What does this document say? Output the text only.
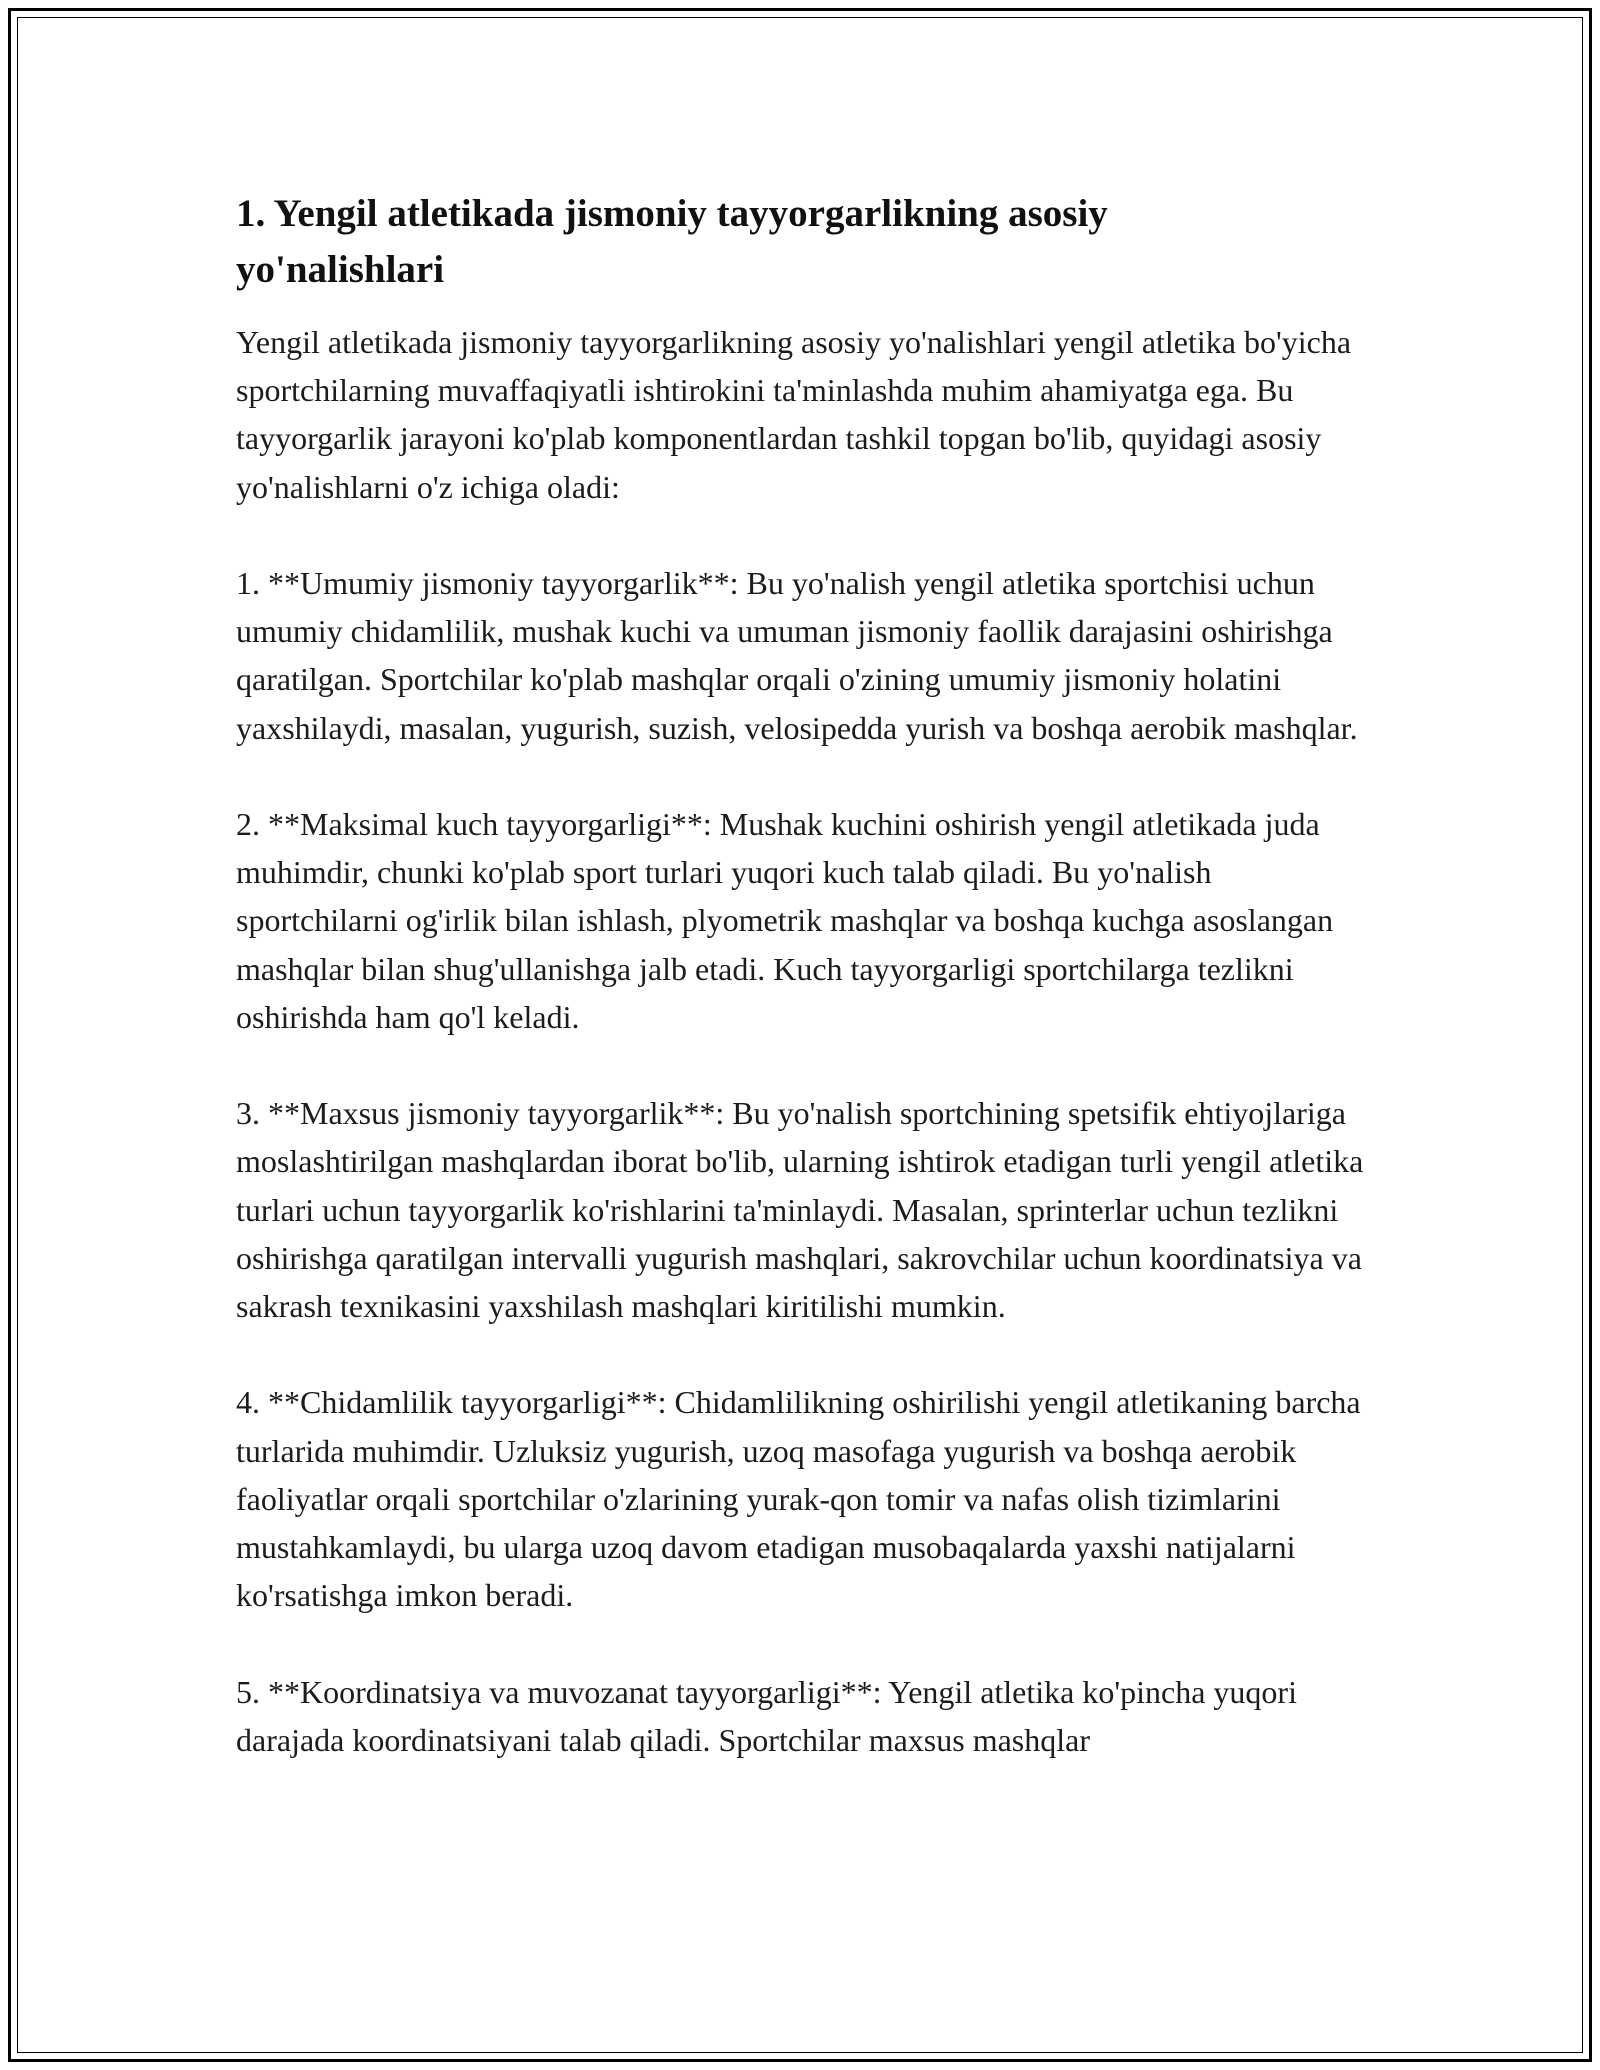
1. Yengil atletikada jismoniy tayyorgarlikning asosiy
yo'nalishlari

Yengil atletikada jismoniy tayyorgarlikning asosiy yo'nalishlari yengil atletika bo'yicha sportchilarning muvaffaqiyatli ishtirokini ta'minlashda muhim ahamiyatga ega. Bu tayyorgarlik jarayoni ko'plab komponentlardan tashkil topgan bo'lib, quyidagi asosiy yo'nalishlarni o'z ichiga oladi:

1. **Umumiy jismoniy tayyorgarlik**: Bu yo'nalish yengil atletika sportchisi uchun umumiy chidamlilik, mushak kuchi va umuman jismoniy faollik darajasini oshirishga qaratilgan. Sportchilar ko'plab mashqlar orqali o'zining umumiy jismoniy holatini yaxshilaydi, masalan, yugurish, suzish, velosipedda yurish va boshqa aerobik mashqlar.

2. **Maksimal kuch tayyorgarligi**: Mushak kuchini oshirish yengil atletikada juda muhimdir, chunki ko'plab sport turlari yuqori kuch talab qiladi. Bu yo'nalish sportchilarni og'irlik bilan ishlash, plyometrik mashqlar va boshqa kuchga asoslangan mashqlar bilan shug'ullanishga jalb etadi. Kuch tayyorgarligi sportchilarga tezlikni oshirishda ham qo'l keladi.

3. **Maxsus jismoniy tayyorgarlik**: Bu yo'nalish sportchining spetsifik ehtiyojlariga moslashtirilgan mashqlardan iborat bo'lib, ularning ishtirok etadigan turli yengil atletika turlari uchun tayyorgarlik ko'rishlarini ta'minlaydi. Masalan, sprinterlar uchun tezlikni oshirishga qaratilgan intervalli yugurish mashqlari, sakrovchilar uchun koordinatsiya va sakrash texnikasini yaxshilash mashqlari kiritilishi mumkin.

4. **Chidamlilik tayyorgarligi**: Chidamlilikning oshirilishi yengil atletikaning barcha turlarida muhimdir. Uzluksiz yugurish, uzoq masofaga yugurish va boshqa aerobik faoliyatlar orqali sportchilar o'zlarining yurak-qon tomir va nafas olish tizimlarini mustahkamlaydi, bu ularga uzoq davom etadigan musobaqalarda yaxshi natijalarni ko'rsatishga imkon beradi.

5. **Koordinatsiya va muvozanat tayyorgarligi**: Yengil atletika ko'pincha yuqori darajada koordinatsiyani talab qiladi. Sportchilar maxsus mashqlar
